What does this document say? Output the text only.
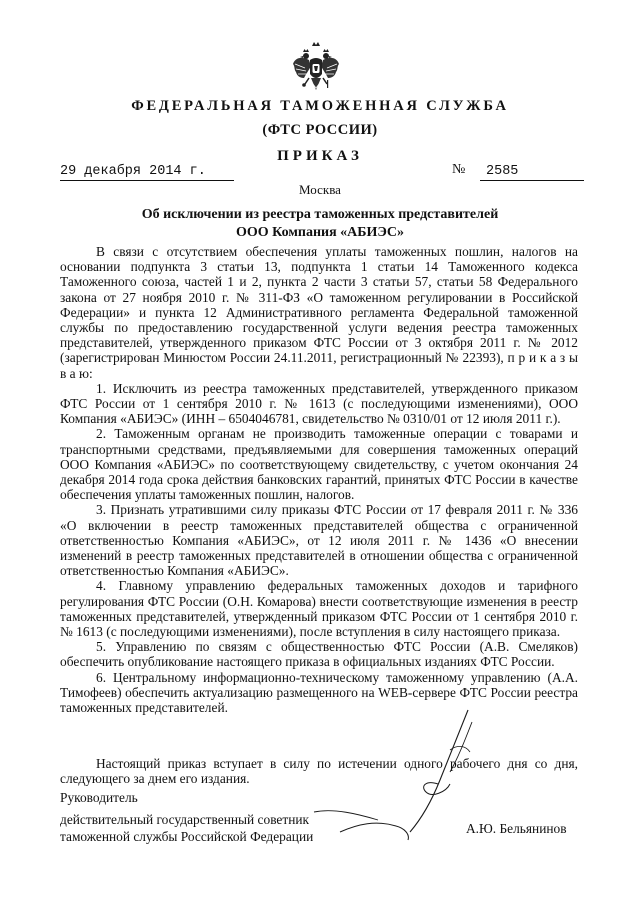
ФЕДЕРАЛЬНАЯ ТАМОЖЕННАЯ СЛУЖБА
(ФТС РОССИИ)
ПРИКАЗ
29 декабря 2014 г.	№	2585
Москва
Об исключении из реестра таможенных представителей
ООО Компания «АБИЭС»

В связи с отсутствием обеспечения уплаты таможенных пошлин, налогов на основании подпункта 3 статьи 13, подпункта 1 статьи 14 Таможенного кодекса Таможенного союза, частей 1 и 2, пункта 2 части 3 статьи 57, статьи 58 Федерального закона от 27 ноября 2010 г. № 311-ФЗ «О таможенном регулировании в Российской Федерации» и пункта 12 Административного регламента Федеральной таможенной службы по предоставлению государственной услуги ведения реестра таможенных представителей, утвержденного приказом ФТС России от 3 октября 2011 г. № 2012 (зарегистрирован Минюстом России 24.11.2011, регистрационный № 22393), п р и к а з ы в а ю:

1. Исключить из реестра таможенных представителей, утвержденного приказом ФТС России от 1 сентября 2010 г. № 1613 (с последующими изменениями), ООО Компания «АБИЭС» (ИНН – 6504046781, свидетельство № 0310/01 от 12 июля 2011 г.).

2. Таможенным органам не производить таможенные операции с товарами и транспортными средствами, предъявляемыми для совершения таможенных операций ООО Компания «АБИЭС» по соответствующему свидетельству, с учетом окончания 24 декабря 2014 года срока действия банковских гарантий, принятых ФТС России в качестве обеспечения уплаты таможенных пошлин, налогов.

3. Признать утратившими силу приказы ФТС России от 17 февраля 2011 г. № 336 «О включении в реестр таможенных представителей общества с ограниченной ответственностью Компания «АБИЭС», от 12 июля 2011 г. № 1436 «О внесении изменений в реестр таможенных представителей в отношении общества с ограниченной ответственностью Компания «АБИЭС».

4. Главному управлению федеральных таможенных доходов и тарифного регулирования ФТС России (О.Н. Комарова) внести соответствующие изменения в реестр таможенных представителей, утвержденный приказом ФТС России от 1 сентября 2010 г. № 1613 (с последующими изменениями), после вступления в силу настоящего приказа.

5. Управлению по связям с общественностью ФТС России (А.В. Смеляков) обеспечить опубликование настоящего приказа в официальных изданиях ФТС России.

6. Центральному информационно-техническому таможенному управлению (А.А. Тимофеев) обеспечить актуализацию размещенного на WEB-сервере ФТС России реестра таможенных представителей.

Настоящий приказ вступает в силу по истечении одного рабочего дня со дня, следующего за днем его издания.

Руководитель
действительный государственный советник
таможенной службы Российской Федерации
А.Ю. Бельянинов
